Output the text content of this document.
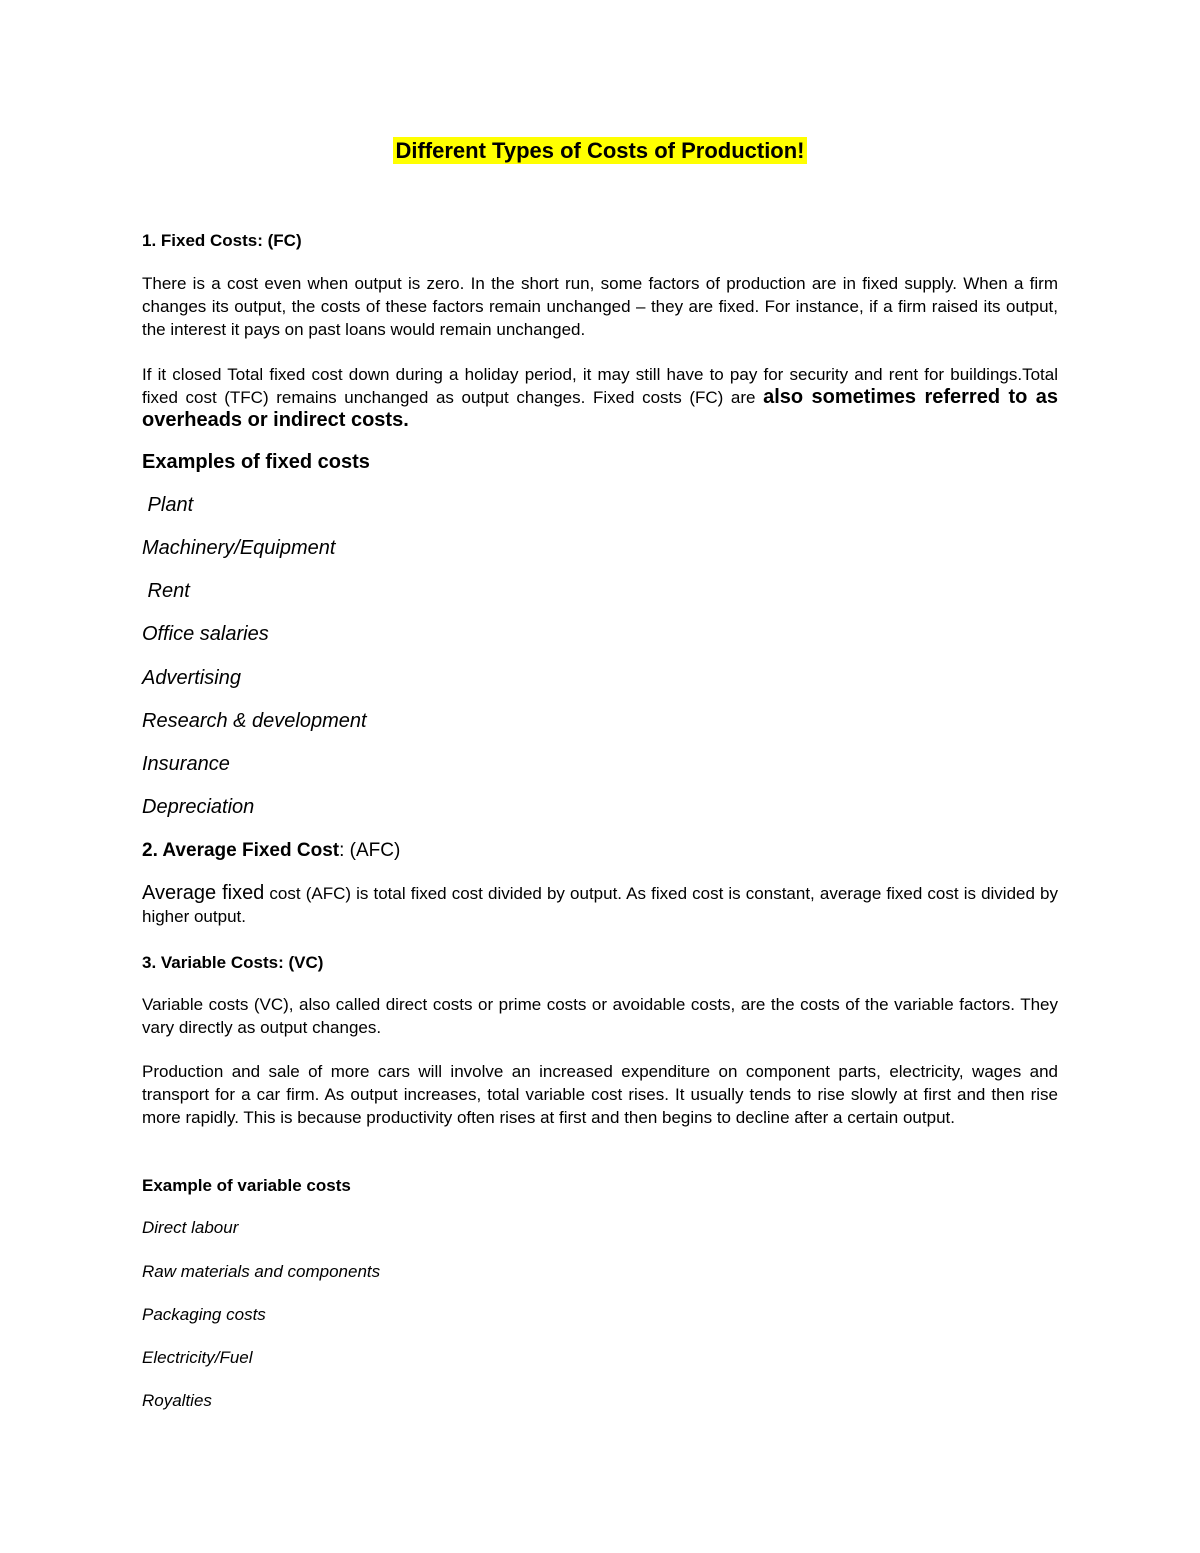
Different Types of Costs of Production!

1. Fixed Costs: (FC)

There is a cost even when output is zero. In the short run, some factors of production are in fixed supply. When a firm changes its output, the costs of these factors remain unchanged – they are fixed. For instance, if a firm raised its output, the interest it pays on past loans would remain unchanged.

If it closed Total fixed cost down during a holiday period, it may still have to pay for security and rent for buildings.Total fixed cost (TFC) remains unchanged as output changes. Fixed costs (FC) are also sometimes referred to as overheads or indirect costs.

Examples of fixed costs

Plant

Machinery/Equipment

Rent

Office salaries

Advertising

Research & development

Insurance

Depreciation

2. Average Fixed Cost: (AFC)

Average fixed cost (AFC) is total fixed cost divided by output. As fixed cost is constant, average fixed cost is divided by higher output.

3. Variable Costs: (VC)

Variable costs (VC), also called direct costs or prime costs or avoidable costs, are the costs of the variable factors. They vary directly as output changes.

Production and sale of more cars will involve an increased expenditure on component parts, electricity, wages and transport for a car firm. As output increases, total variable cost rises. It usually tends to rise slowly at first and then rise more rapidly. This is because productivity often rises at first and then begins to decline after a certain output.

Example of variable costs

Direct labour

Raw materials and components

Packaging costs

Electricity/Fuel

Royalties
